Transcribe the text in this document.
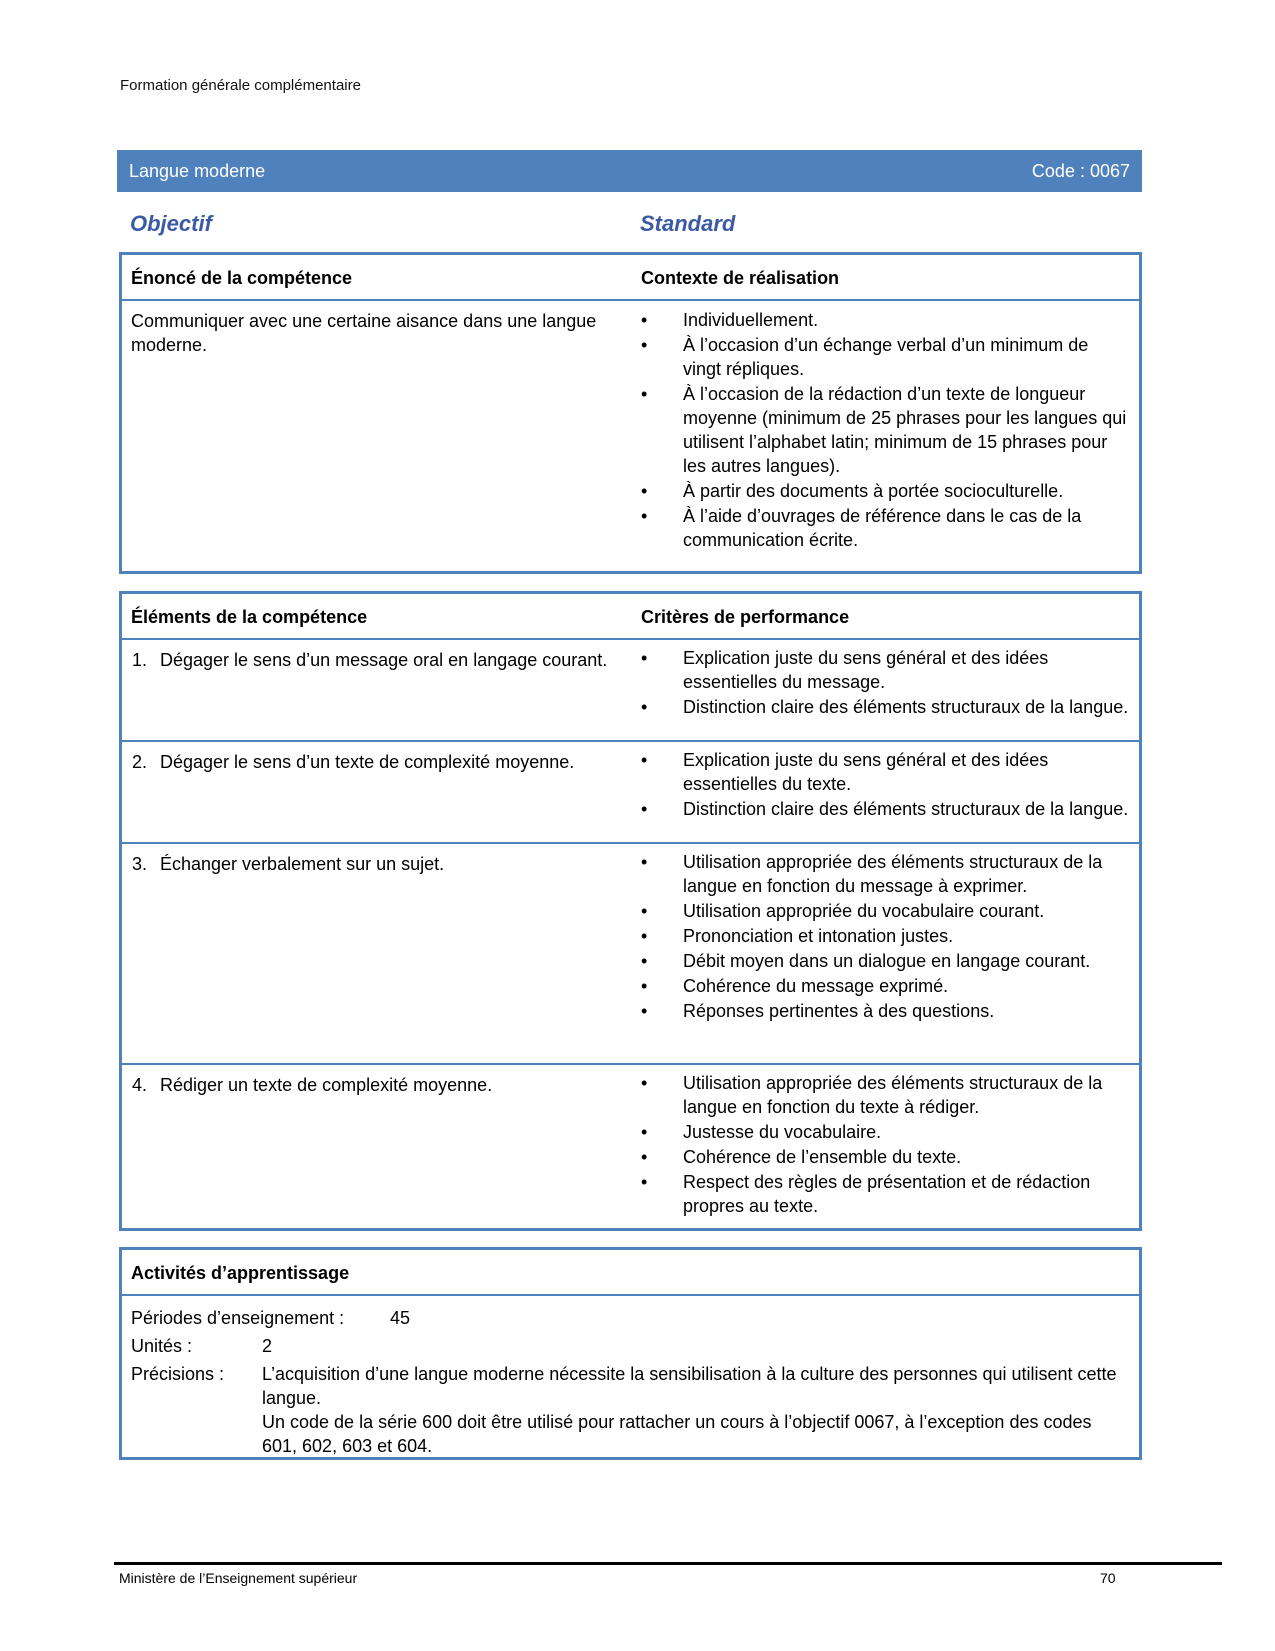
Formation générale complémentaire
Langue moderne	Code : 0067
Objectif	Standard
Énoncé de la compétence	Contexte de réalisation
Communiquer avec une certaine aisance dans une langue moderne.
• Individuellement.
• À l’occasion d’un échange verbal d’un minimum de vingt répliques.
• À l’occasion de la rédaction d’un texte de longueur moyenne (minimum de 25 phrases pour les langues qui utilisent l’alphabet latin; minimum de 15 phrases pour les autres langues).
• À partir des documents à portée socioculturelle.
• À l’aide d’ouvrages de référence dans le cas de la communication écrite.
Éléments de la compétence	Critères de performance
1. Dégager le sens d’un message oral en langage courant.	• Explication juste du sens général et des idées essentielles du message.
• Distinction claire des éléments structuraux de la langue.
2. Dégager le sens d’un texte de complexité moyenne.	• Explication juste du sens général et des idées essentielles du texte.
• Distinction claire des éléments structuraux de la langue.
3. Échanger verbalement sur un sujet.	• Utilisation appropriée des éléments structuraux de la langue en fonction du message à exprimer.
• Utilisation appropriée du vocabulaire courant.
• Prononciation et intonation justes.
• Débit moyen dans un dialogue en langage courant.
• Cohérence du message exprimé.
• Réponses pertinentes à des questions.
4. Rédiger un texte de complexité moyenne.	• Utilisation appropriée des éléments structuraux de la langue en fonction du texte à rédiger.
• Justesse du vocabulaire.
• Cohérence de l’ensemble du texte.
• Respect des règles de présentation et de rédaction propres au texte.
Activités d’apprentissage
Périodes d’enseignement :	45
Unités :	2
Précisions : L’acquisition d’une langue moderne nécessite la sensibilisation à la culture des personnes qui utilisent cette langue.
Un code de la série 600 doit être utilisé pour rattacher un cours à l’objectif 0067, à l’exception des codes 601, 602, 603 et 604.
Ministère de l’Enseignement supérieur	70
